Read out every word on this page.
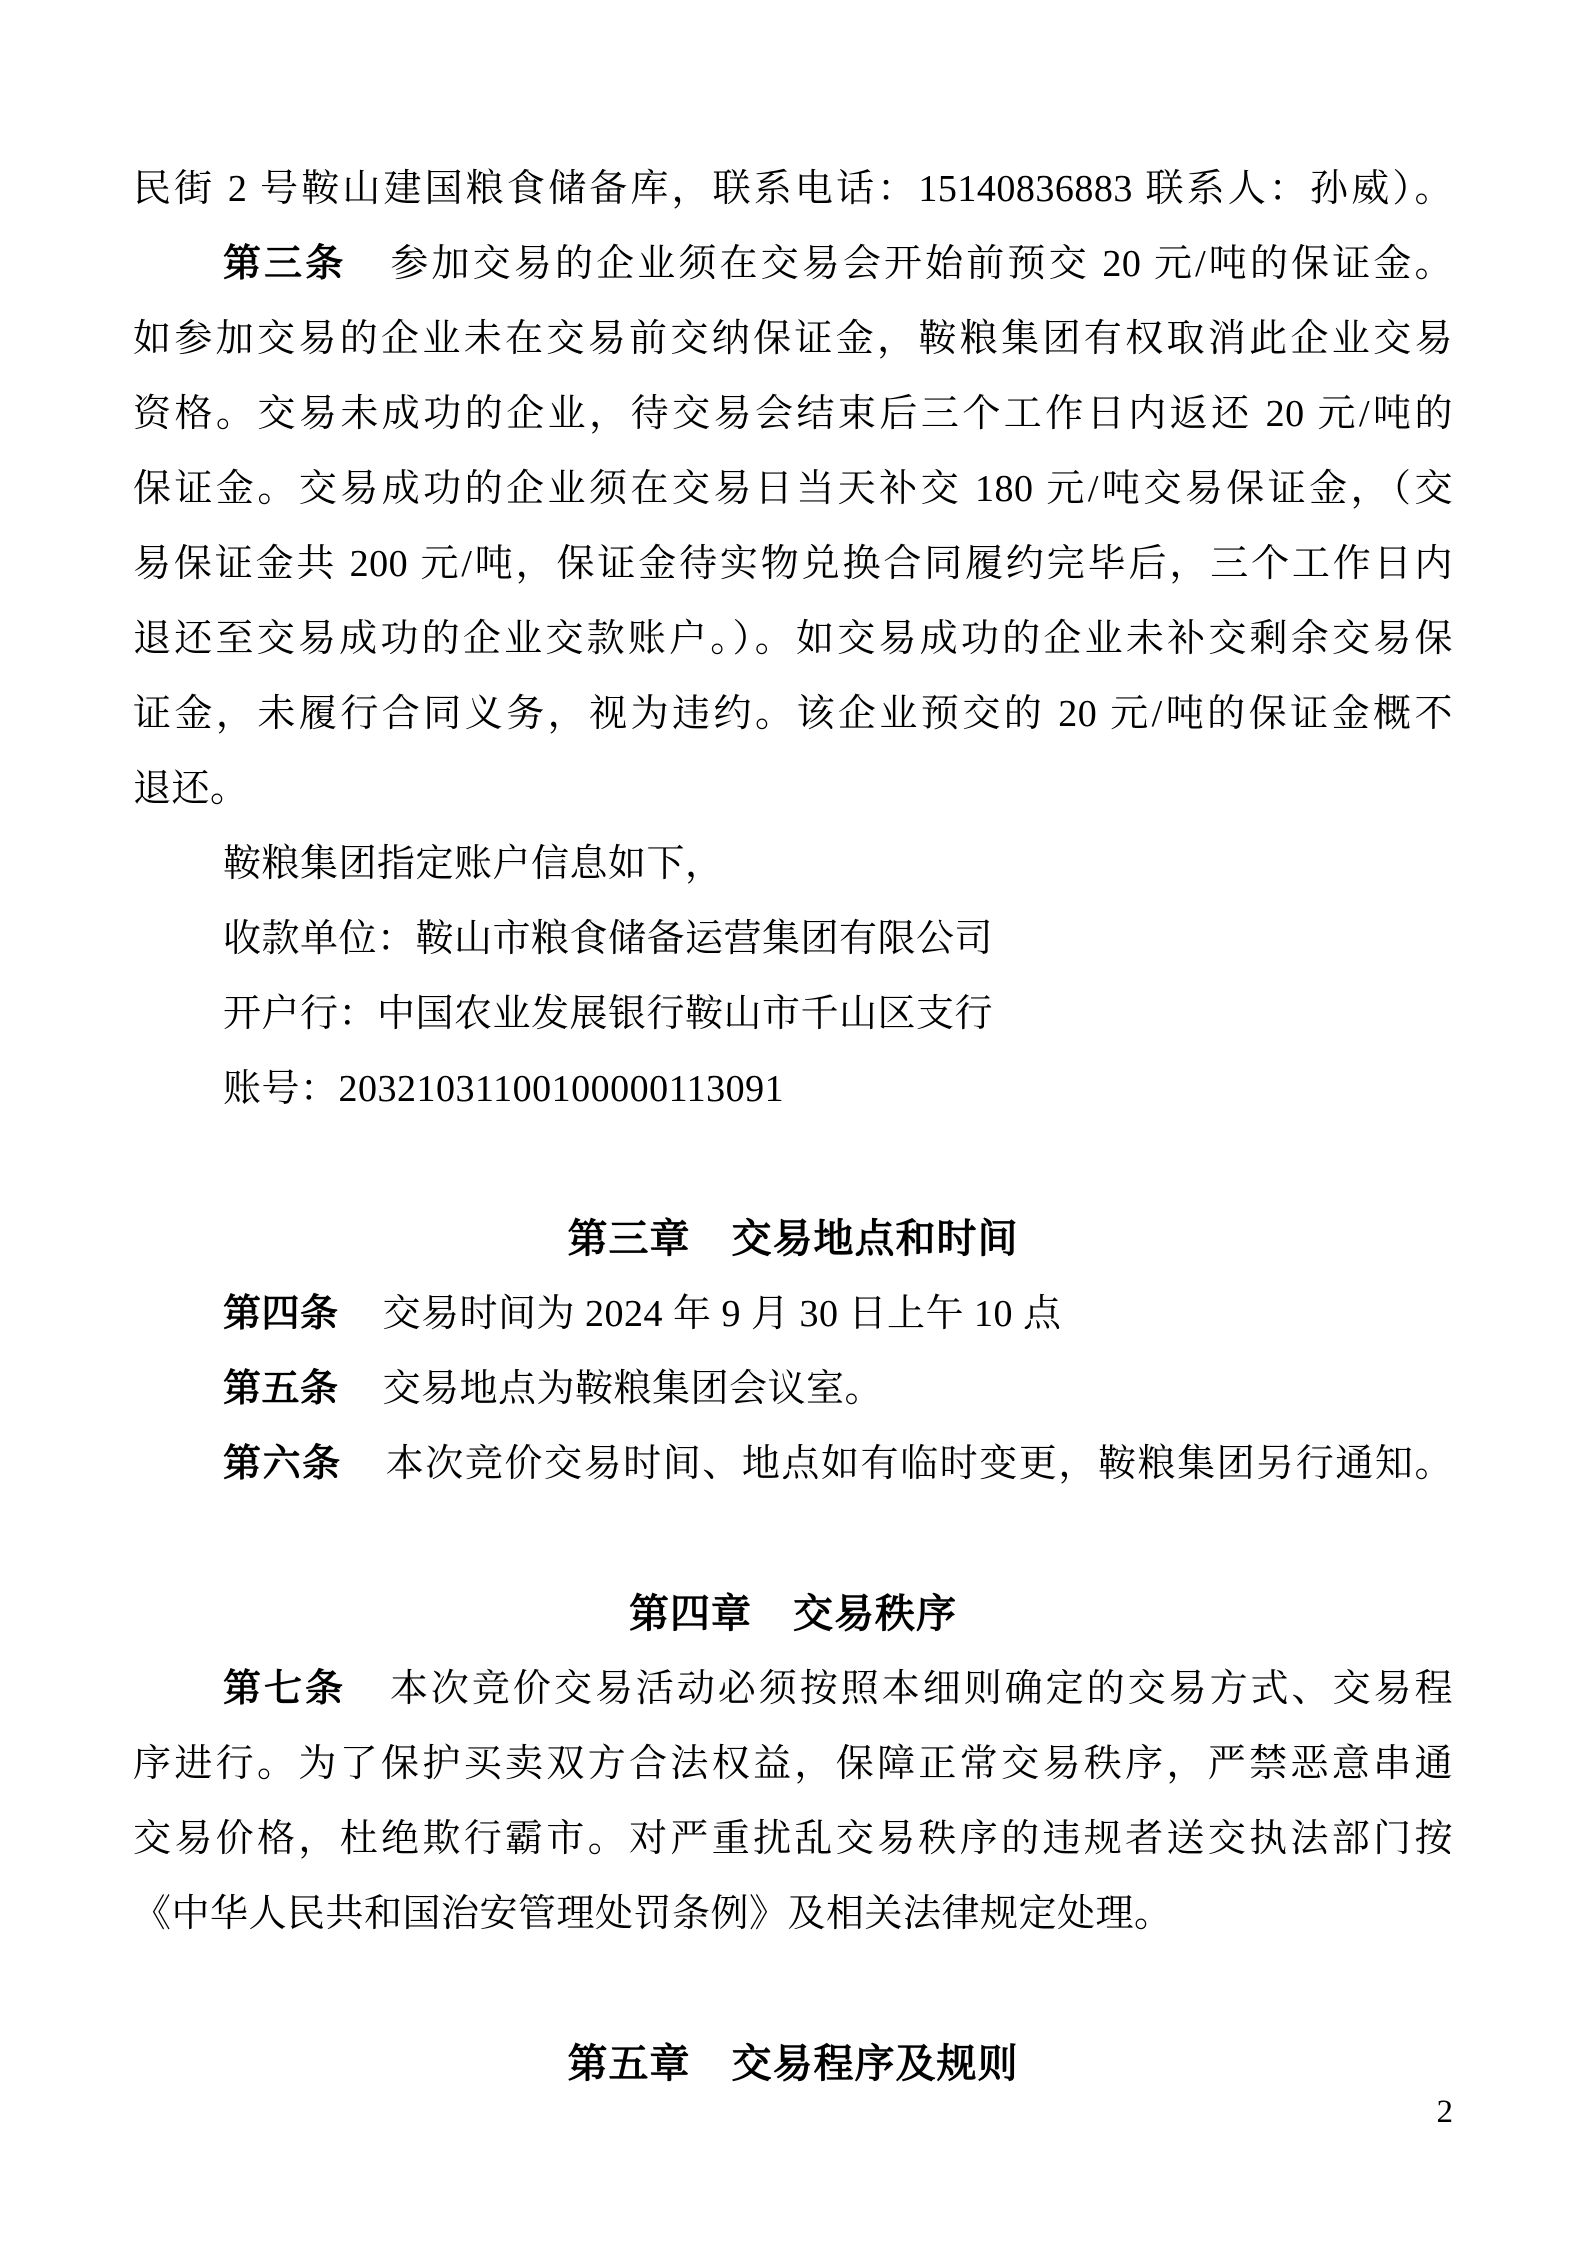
民街 2 号鞍山建国粮食储备库，联系电话：15140836883 联系人：孙威）。
第三条 参加交易的企业须在交易会开始前预交 20 元/吨的保证金。
如参加交易的企业未在交易前交纳保证金，鞍粮集团有权取消此企业交易
资格。交易未成功的企业，待交易会结束后三个工作日内返还 20 元/吨的
保证金。交易成功的企业须在交易日当天补交 180 元/吨交易保证金，（交
易保证金共 200 元/吨，保证金待实物兑换合同履约完毕后，三个工作日内
退还至交易成功的企业交款账户。）。如交易成功的企业未补交剩余交易保
证金，未履行合同义务，视为违约。该企业预交的 20 元/吨的保证金概不
退还。
鞍粮集团指定账户信息如下，
收款单位：鞍山市粮食储备运营集团有限公司
开户行：中国农业发展银行鞍山市千山区支行
账号：20321031100100000113091
第三章　交易地点和时间
第四条 交易时间为 2024 年 9 月 30 日上午 10 点
第五条 交易地点为鞍粮集团会议室。
第六条 本次竞价交易时间、地点如有临时变更，鞍粮集团另行通知。
第四章　交易秩序
第七条 本次竞价交易活动必须按照本细则确定的交易方式、交易程
序进行。为了保护买卖双方合法权益，保障正常交易秩序，严禁恶意串通
交易价格，杜绝欺行霸市。对严重扰乱交易秩序的违规者送交执法部门按
《中华人民共和国治安管理处罚条例》及相关法律规定处理。
第五章　交易程序及规则
2
